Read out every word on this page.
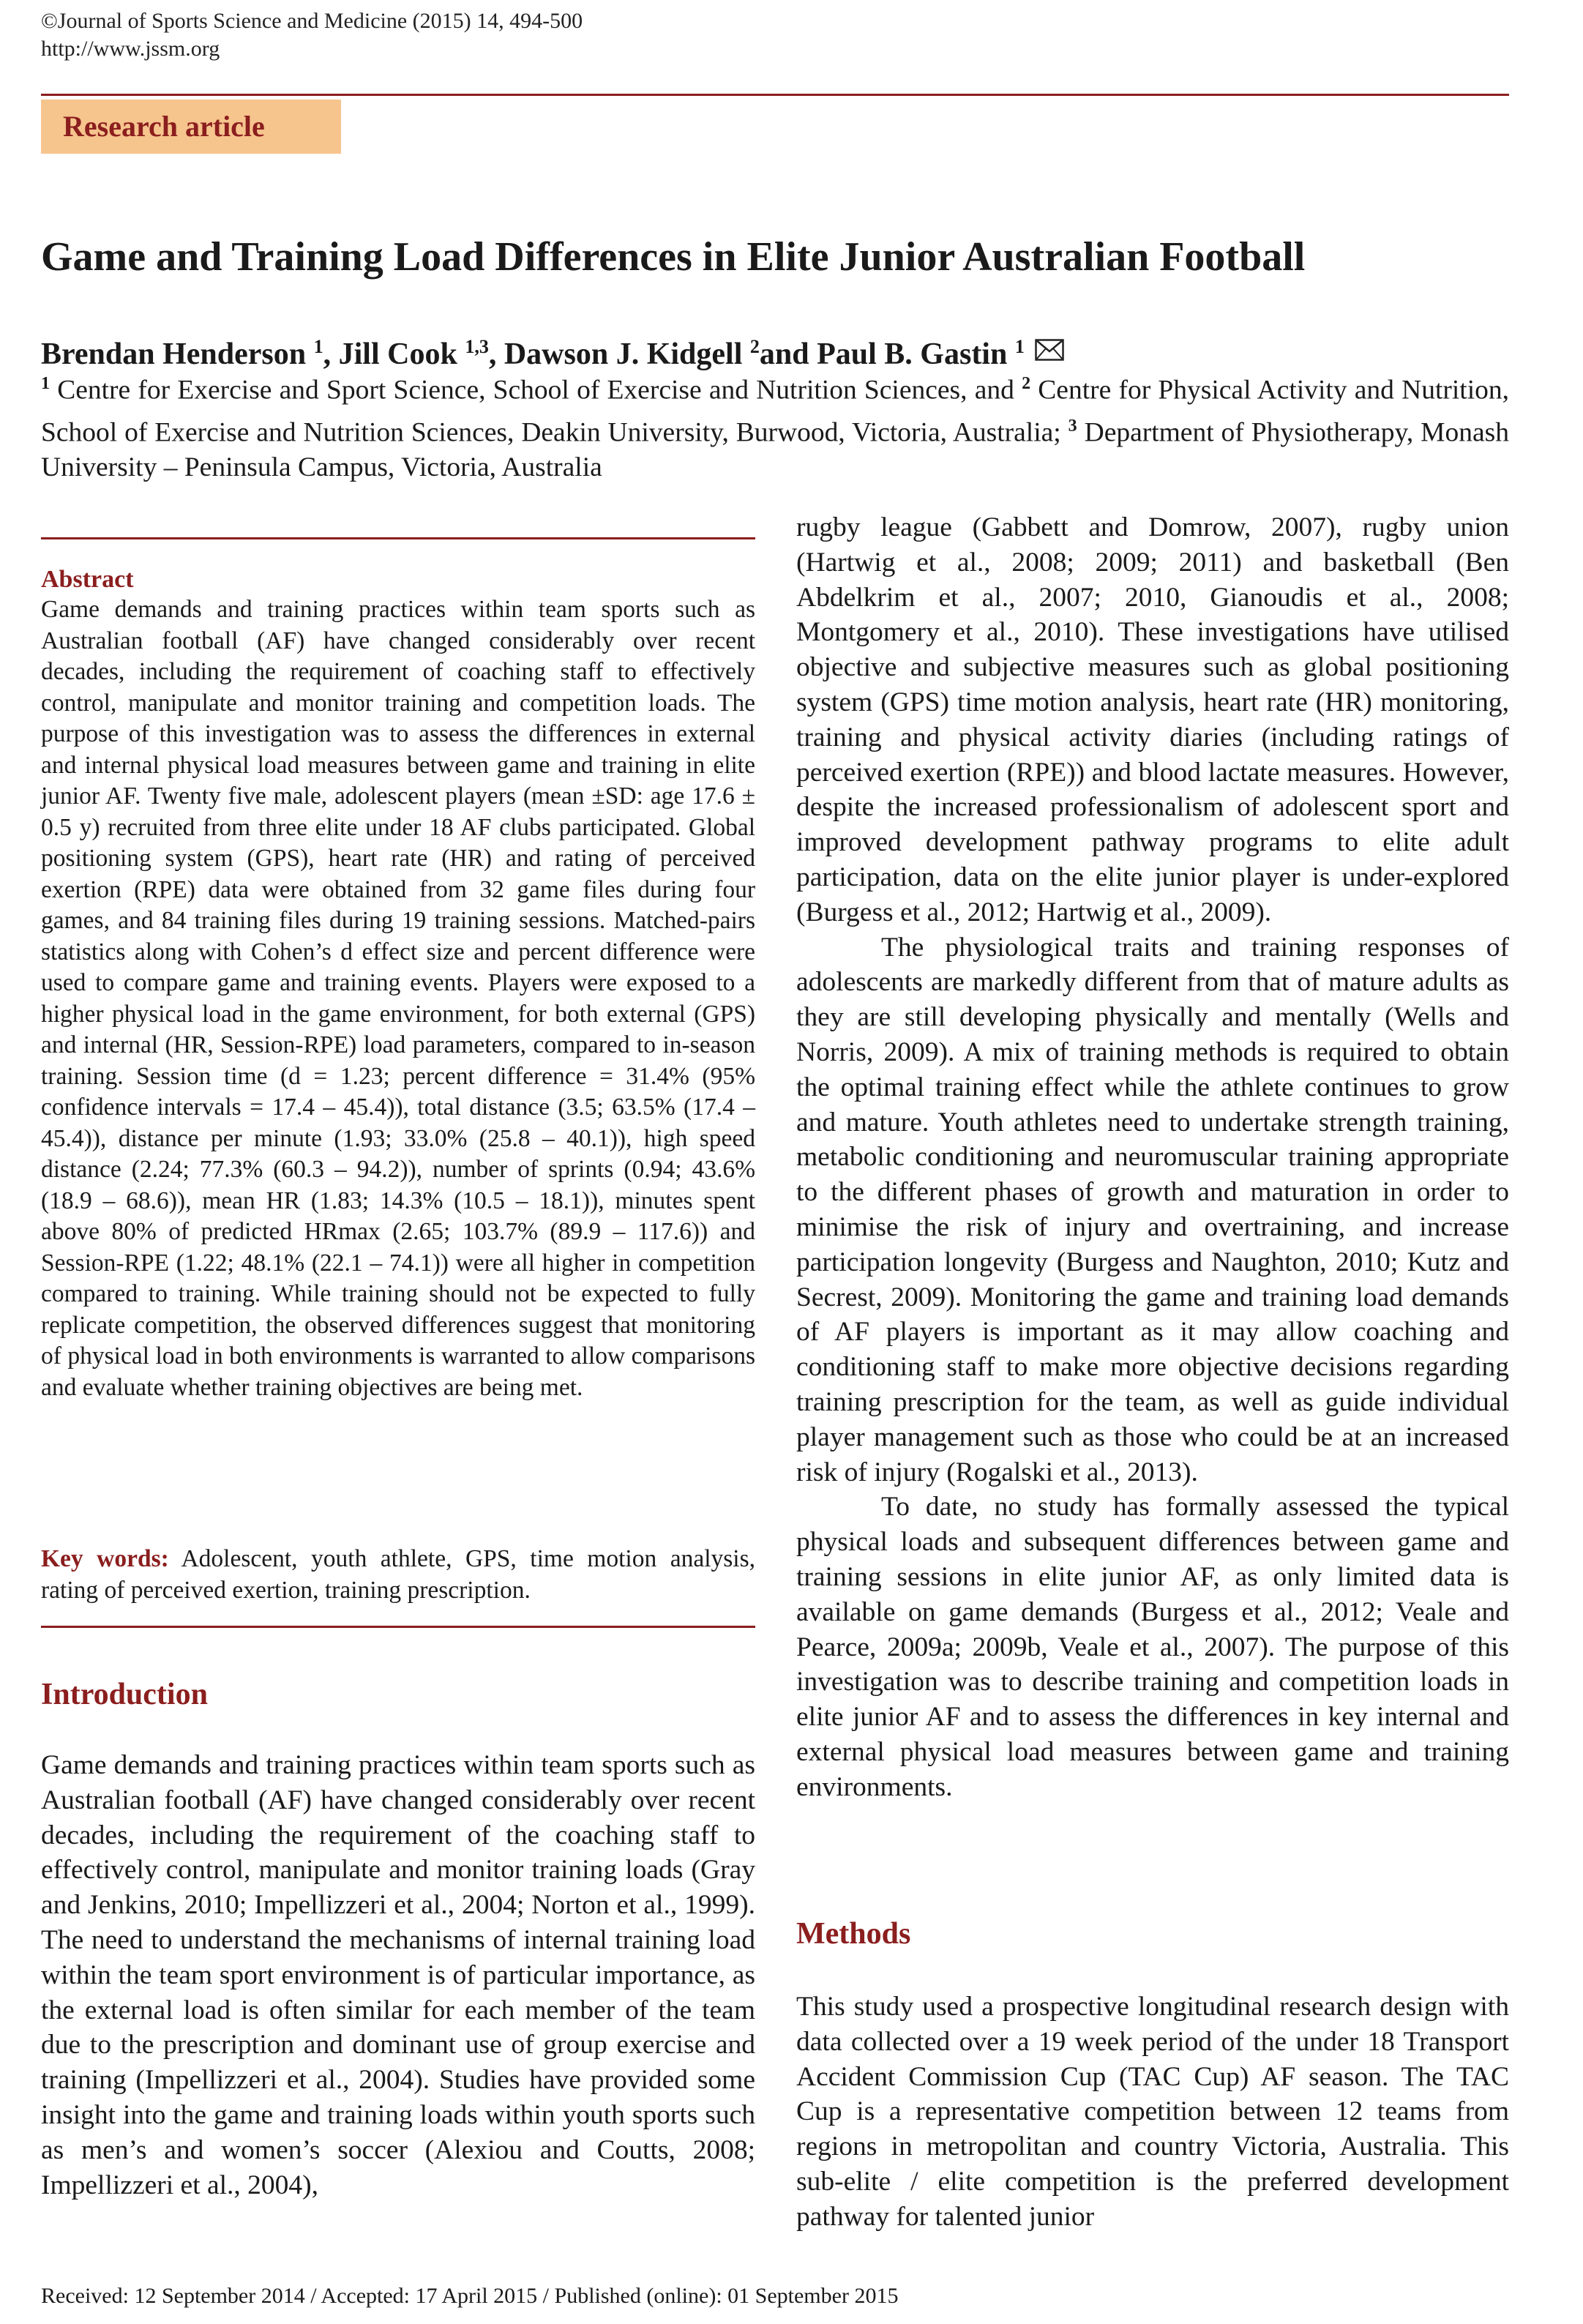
©Journal of Sports Science and Medicine (2015) 14, 494-500
http://www.jssm.org
Research article
Game and Training Load Differences in Elite Junior Australian Football
Brendan Henderson $^1$, Jill Cook $^{1,3}$, Dawson J. Kidgell $^2$and Paul B. Gastin $^1$
$^1$ Centre for Exercise and Sport Science, School of Exercise and Nutrition Sciences, and $^2$ Centre for Physical Activity and Nutrition, School of Exercise and Nutrition Sciences, Deakin University, Burwood, Victoria, Australia; $^3$ Department of Physiotherapy, Monash University – Peninsula Campus, Victoria, Australia
Abstract

Game demands and training practices within team sports such as Australian football (AF) have changed considerably over recent decades, including the requirement of coaching staff to effectively control, manipulate and monitor training and competition loads. The purpose of this investigation was to assess the differences in external and internal physical load measures between game and training in elite junior AF. Twenty five male, adolescent players (mean ±SD: age 17.6 ± 0.5 y) recruited from three elite under 18 AF clubs participated. Global positioning system (GPS), heart rate (HR) and rating of perceived exertion (RPE) data were obtained from 32 game files during four games, and 84 training files during 19 training sessions. Matched-pairs statistics along with Cohen’s d effect size and percent difference were used to compare game and training events. Players were exposed to a higher physical load in the game environment, for both external (GPS) and internal (HR, Session-RPE) load parameters, compared to in-season training. Session time (d = 1.23; percent difference = 31.4% (95% confidence intervals = 17.4 – 45.4)), total distance (3.5; 63.5% (17.4 – 45.4)), distance per minute (1.93; 33.0% (25.8 – 40.1)), high speed distance (2.24; 77.3% (60.3 – 94.2)), number of sprints (0.94; 43.6% (18.9 – 68.6)), mean HR (1.83; 14.3% (10.5 – 18.1)), minutes spent above 80% of predicted HRmax (2.65; 103.7% (89.9 – 117.6)) and Session-RPE (1.22; 48.1% (22.1 – 74.1)) were all higher in competition compared to training. While training should not be expected to fully replicate competition, the observed differences suggest that monitoring of physical load in both environments is warranted to allow comparisons and evaluate whether training objectives are being met.

Key words: Adolescent, youth athlete, GPS, time motion analysis, rating of perceived exertion, training prescription.
Introduction

Game demands and training practices within team sports such as Australian football (AF) have changed considerably over recent decades, including the requirement of the coaching staff to effectively control, manipulate and monitor training loads (Gray and Jenkins, 2010; Impellizzeri et al., 2004; Norton et al., 1999). The need to understand the mechanisms of internal training load within the team sport environment is of particular importance, as the external load is often similar for each member of the team due to the prescription and dominant use of group exercise and training (Impellizzeri et al., 2004). Studies have provided some insight into the game and training loads within youth sports such as men’s and women’s soccer (Alexiou and Coutts, 2008; Impellizzeri et al., 2004),

rugby league (Gabbett and Domrow, 2007), rugby union (Hartwig et al., 2008; 2009; 2011) and basketball (Ben Abdelkrim et al., 2007; 2010, Gianoudis et al., 2008; Montgomery et al., 2010). These investigations have utilised objective and subjective measures such as global positioning system (GPS) time motion analysis, heart rate (HR) monitoring, training and physical activity diaries (including ratings of perceived exertion (RPE)) and blood lactate measures. However, despite the increased professionalism of adolescent sport and improved development pathway programs to elite adult participation, data on the elite junior player is under-explored (Burgess et al., 2012; Hartwig et al., 2009).

The physiological traits and training responses of adolescents are markedly different from that of mature adults as they are still developing physically and mentally (Wells and Norris, 2009). A mix of training methods is required to obtain the optimal training effect while the athlete continues to grow and mature. Youth athletes need to undertake strength training, metabolic conditioning and neuromuscular training appropriate to the different phases of growth and maturation in order to minimise the risk of injury and overtraining, and increase participation longevity (Burgess and Naughton, 2010; Kutz and Secrest, 2009). Monitoring the game and training load demands of AF players is important as it may allow coaching and conditioning staff to make more objective decisions regarding training prescription for the team, as well as guide individual player management such as those who could be at an increased risk of injury (Rogalski et al., 2013).

To date, no study has formally assessed the typical physical loads and subsequent differences between game and training sessions in elite junior AF, as only limited data is available on game demands (Burgess et al., 2012; Veale and Pearce, 2009a; 2009b, Veale et al., 2007). The purpose of this investigation was to describe training and competition loads in elite junior AF and to assess the differences in key internal and external physical load measures between game and training environments.

Methods

This study used a prospective longitudinal research design with data collected over a 19 week period of the under 18 Transport Accident Commission Cup (TAC Cup) AF season. The TAC Cup is a representative competition between 12 teams from regions in metropolitan and country Victoria, Australia. This sub-elite / elite competition is the preferred development pathway for talented junior

Received: 12 September 2014 / Accepted: 17 April 2015 / Published (online): 01 September 2015
